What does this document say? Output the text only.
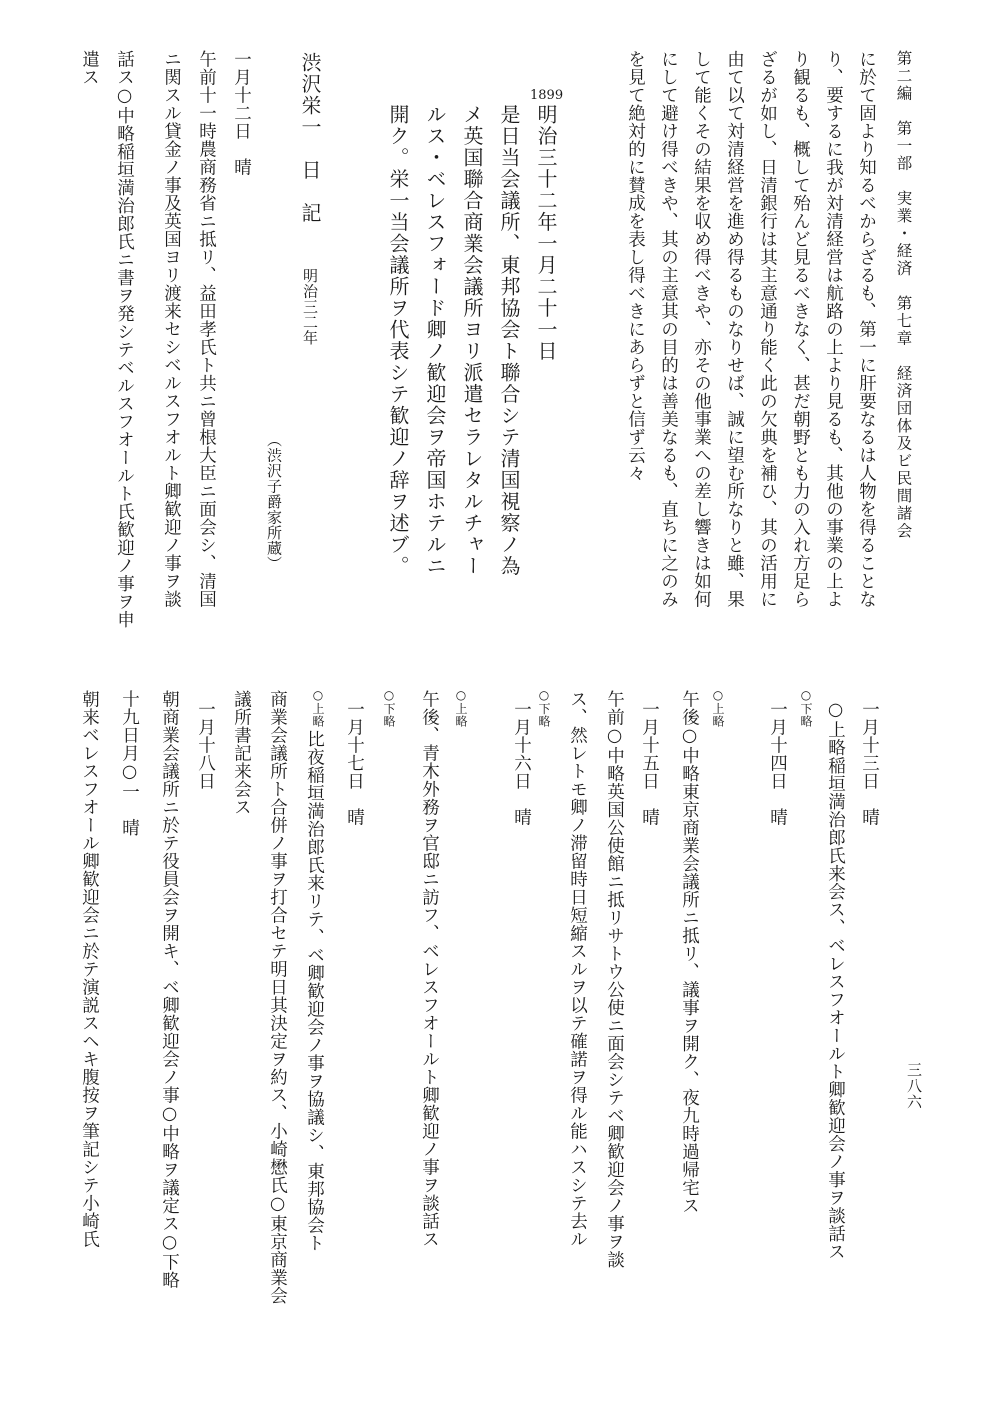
第二編　第一部　実業・経済　第七章　経済団体及ビ民間諸会
三八六
に於て固より知るべからざるも、第一に肝要なるは人物を得ることな
り、要するに我が対清経営は航路の上より見るも、其他の事業の上よ
り観るも、概して殆んど見るべきなく、甚だ朝野とも力の入れ方足ら
ざるが如し、日清銀行は其主意通り能く此の欠典を補ひ、其の活用に
由て以て対清経営を進め得るものなりせば、誠に望む所なりと雖、果
して能くその結果を収め得べきや、亦その他事業への差し響きは如何
にして避け得べきや、其の主意其の目的は善美なるも、直ちに之のみ
を見て絶対的に賛成を表し得べきにあらずと信ず云々
1899
明治三十二年一月二十一日
是日当会議所、東邦協会ト聯合シテ清国視察ノ為
メ英国聯合商業会議所ヨリ派遣セラレタルチャー
ルス・ベレスフォード卿ノ歓迎会ヲ帝国ホテルニ
開ク。栄一当会議所ヲ代表シテ歓迎ノ辞ヲ述ブ。
渋沢栄一　日　記
明治三二年
（渋沢子爵家所蔵）
一月十二日　晴
午前十一時農商務省ニ抵リ、益田孝氏ト共ニ曾根大臣ニ面会シ、清国
ニ関スル貸金ノ事及英国ヨリ渡来セシベルスフオルト卿歓迎ノ事ヲ談
話ス○中略稲垣満治郎氏ニ書ヲ発シテベルスフオールト氏歓迎ノ事ヲ申
遣ス
一月十三日　晴
○上略稲垣満治郎氏来会ス、ベレスフオールト卿歓迎会ノ事ヲ談話ス
○下略
一月十四日　晴
午後○中略東京商業会議所ニ抵リ、議事ヲ開ク、夜九時過帰宅ス ○上略
一月十五日　晴
午前○中略英国公使館ニ抵リサトウ公使ニ面会シテベ卿歓迎会ノ事ヲ談
ス、然レトモ卿ノ滞留時日短縮スルヲ以テ確諾ヲ得ル能ハスシテ去ル
○下略
一月十六日　晴
○上略
午後、青木外務ヲ官邸ニ訪フ、ベレスフオールト卿歓迎ノ事ヲ談話ス
○下略
一月十七日　晴
○上略
比夜稲垣満治郎氏来リテ、ベ卿歓迎会ノ事ヲ協議シ、東邦協会ト
商業会議所ト合併ノ事ヲ打合セテ明日其決定ヲ約ス、小崎懋氏○東京商業会
議所書記来会ス
一月十八日
朝商業会議所ニ於テ役員会ヲ開キ、ベ卿歓迎会ノ事○中略ヲ議定ス○下略
十九日月○一　晴
朝来ベレスフオール卿歓迎会ニ於テ演説スヘキ腹按ヲ筆記シテ小崎氏
